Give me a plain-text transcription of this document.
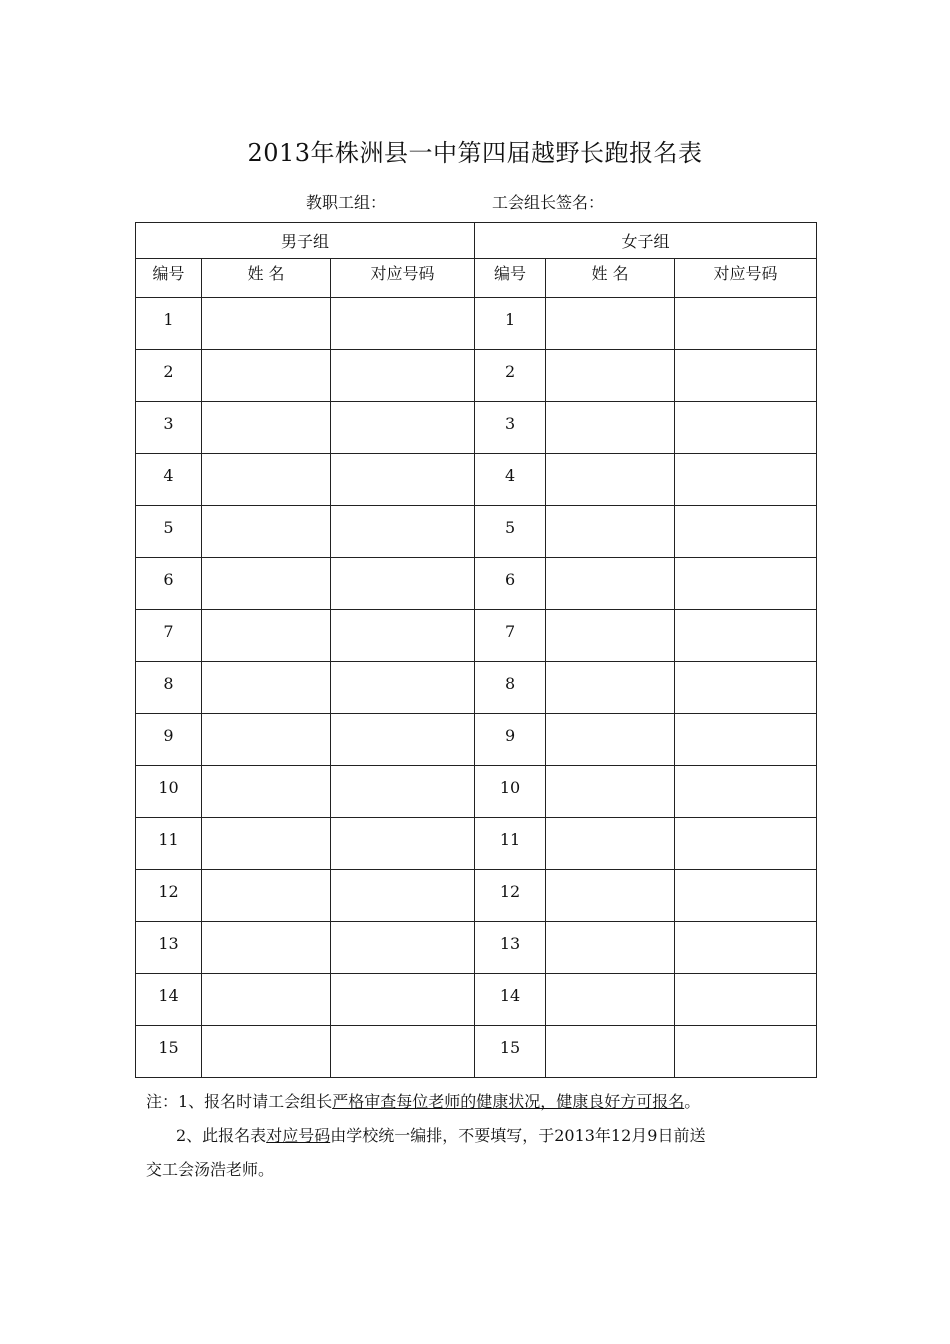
2013年株洲县一中第四届越野长跑报名表
教职工组：	工会组长签名：
男子组			女子组		
编号	姓 名	对应号码	编号	姓 名	对应号码
1			1		
2			2		
3			3		
4			4		
5			5		
6			6		
7			7		
8			8		
9			9		
10			10		
11			11		
12			12		
13			13		
14			14		
15			15		
注：1、报名时请工会组长严格审查每位老师的健康状况，健康良好方可报名。
2、此报名表对应号码由学校统一编排，不要填写，于2013年12月9日前送
交工会汤浩老师。
